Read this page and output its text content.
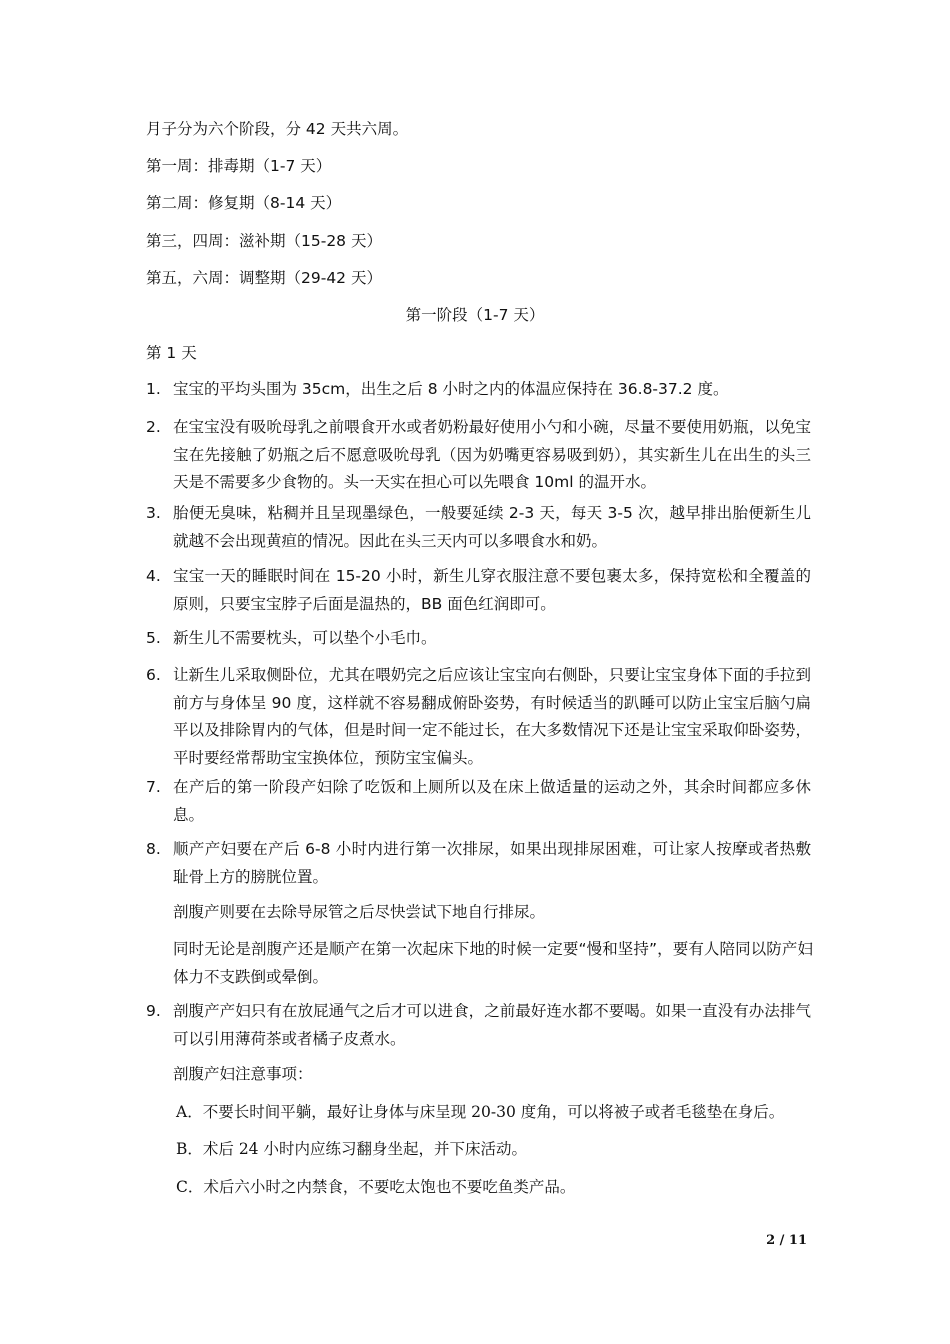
月子分为六个阶段，分 42 天共六周。
第一周：排毒期（1-7 天）
第二周：修复期（8-14 天）
第三，四周：滋补期（15-28 天）
第五，六周：调整期（29-42 天）
第一阶段（1-7 天）
第 1 天
1. 宝宝的平均头围为 35cm，出生之后 8 小时之内的体温应保持在 36.8-37.2 度。
2. 在宝宝没有吸吮母乳之前喂食开水或者奶粉最好使用小勺和小碗，尽量不要使用奶瓶，以免宝宝在先接触了奶瓶之后不愿意吸吮母乳（因为奶嘴更容易吸到奶），其实新生儿在出生的头三天是不需要多少食物的。头一天实在担心可以先喂食 10ml 的温开水。
3. 胎便无臭味，粘稠并且呈现墨绿色，一般要延续 2-3 天，每天 3-5 次，越早排出胎便新生儿就越不会出现黄疸的情况。因此在头三天内可以多喂食水和奶。
4. 宝宝一天的睡眠时间在 15-20 小时，新生儿穿衣服注意不要包裹太多，保持宽松和全覆盖的原则，只要宝宝脖子后面是温热的，BB 面色红润即可。
5. 新生儿不需要枕头，可以垫个小毛巾。
6. 让新生儿采取侧卧位，尤其在喂奶完之后应该让宝宝向右侧卧，只要让宝宝身体下面的手拉到前方与身体呈 90 度，这样就不容易翻成俯卧姿势，有时候适当的趴睡可以防止宝宝后脑勺扁平以及排除胃内的气体，但是时间一定不能过长，在大多数情况下还是让宝宝采取仰卧姿势，平时要经常帮助宝宝换体位，预防宝宝偏头。
7. 在产后的第一阶段产妇除了吃饭和上厕所以及在床上做适量的运动之外，其余时间都应多休息。
8. 顺产产妇要在产后 6-8 小时内进行第一次排尿，如果出现排尿困难，可让家人按摩或者热敷耻骨上方的膀胱位置。
剖腹产则要在去除导尿管之后尽快尝试下地自行排尿。
同时无论是剖腹产还是顺产在第一次起床下地的时候一定要“慢和坚持”，要有人陪同以防产妇体力不支跌倒或晕倒。
9. 剖腹产产妇只有在放屁通气之后才可以进食，之前最好连水都不要喝。如果一直没有办法排气可以引用薄荷茶或者橘子皮煮水。
剖腹产妇注意事项：
A．不要长时间平躺，最好让身体与床呈现 20-30 度角，可以将被子或者毛毯垫在身后。
B．术后 24 小时内应练习翻身坐起，并下床活动。
C．术后六小时之内禁食，不要吃太饱也不要吃鱼类产品。
2 / 11
